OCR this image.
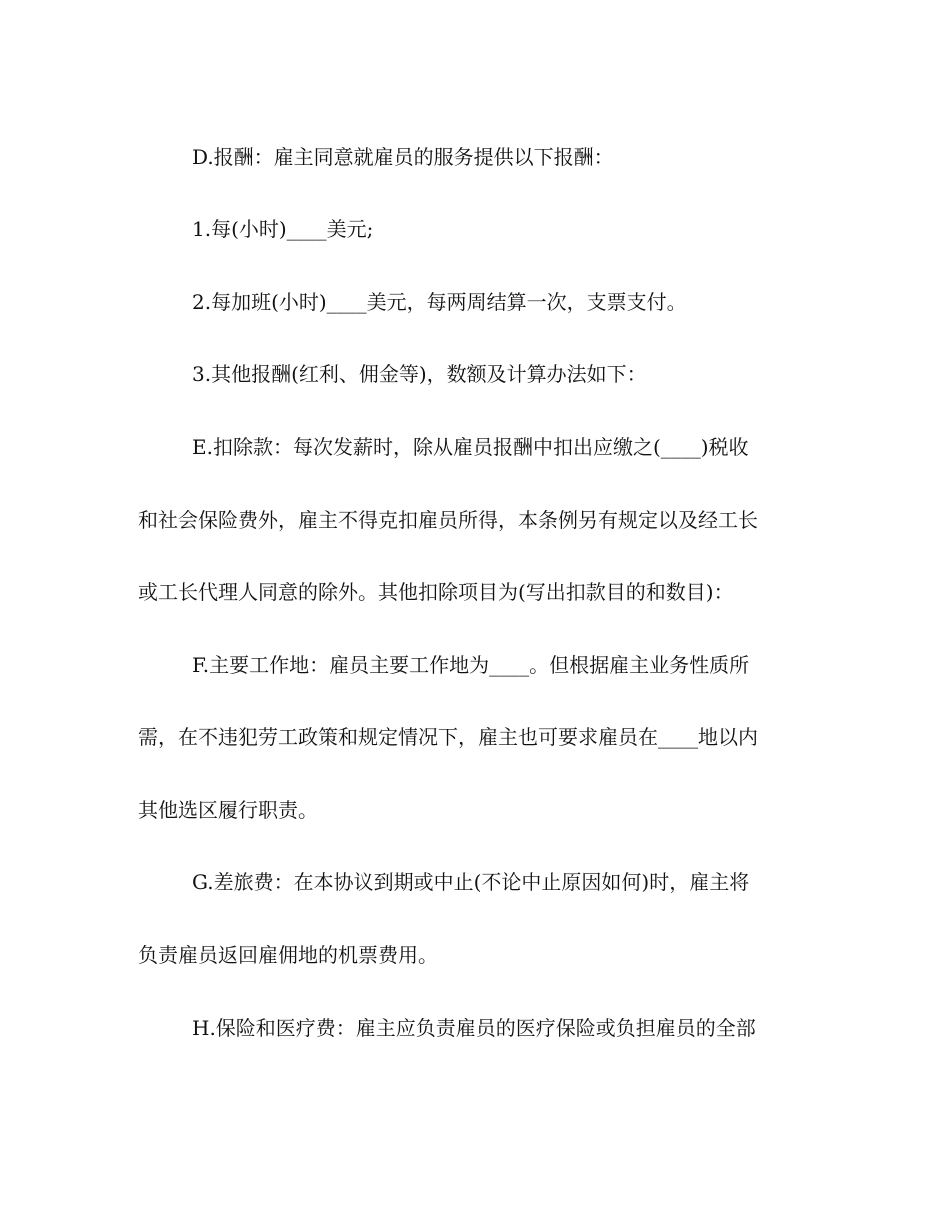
D.报酬：雇主同意就雇员的服务提供以下报酬：
1.每(小时)____美元;
2.每加班(小时)____美元，每两周结算一次，支票支付。
3.其他报酬(红利、佣金等)，数额及计算办法如下：
E.扣除款：每次发薪时，除从雇员报酬中扣出应缴之(____)税收
和社会保险费外，雇主不得克扣雇员所得，本条例另有规定以及经工长
或工长代理人同意的除外。其他扣除项目为(写出扣款目的和数目)：
F.主要工作地：雇员主要工作地为____。但根据雇主业务性质所
需，在不违犯劳工政策和规定情况下，雇主也可要求雇员在____地以内
其他选区履行职责。
G.差旅费：在本协议到期或中止(不论中止原因如何)时，雇主将
负责雇员返回雇佣地的机票费用。
H.保险和医疗费：雇主应负责雇员的医疗保险或负担雇员的全部
